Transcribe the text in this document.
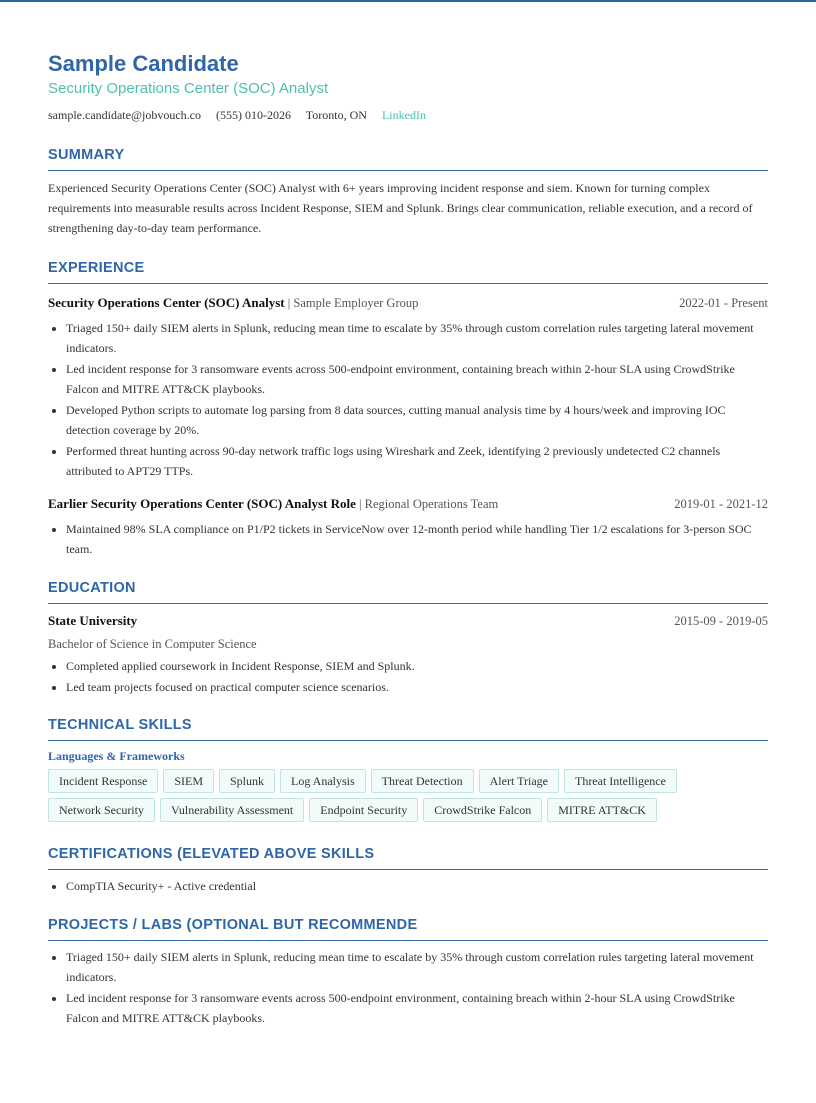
Sample Candidate
Security Operations Center (SOC) Analyst
sample.candidate@jobvouch.co (555) 010-2026 Toronto, ON LinkedIn
SUMMARY
Experienced Security Operations Center (SOC) Analyst with 6+ years improving incident response and siem. Known for turning complex requirements into measurable results across Incident Response, SIEM and Splunk. Brings clear communication, reliable execution, and a record of strengthening day-to-day team performance.
EXPERIENCE
Security Operations Center (SOC) Analyst | Sample Employer Group	2022-01 - Present
• Triaged 150+ daily SIEM alerts in Splunk, reducing mean time to escalate by 35% through custom correlation rules targeting lateral movement indicators.
• Led incident response for 3 ransomware events across 500-endpoint environment, containing breach within 2-hour SLA using CrowdStrike Falcon and MITRE ATT&CK playbooks.
• Developed Python scripts to automate log parsing from 8 data sources, cutting manual analysis time by 4 hours/week and improving IOC detection coverage by 20%.
• Performed threat hunting across 90-day network traffic logs using Wireshark and Zeek, identifying 2 previously undetected C2 channels attributed to APT29 TTPs.
Earlier Security Operations Center (SOC) Analyst Role | Regional Operations Team	2019-01 - 2021-12
• Maintained 98% SLA compliance on P1/P2 tickets in ServiceNow over 12-month period while handling Tier 1/2 escalations for 3-person SOC team.
EDUCATION
State University	2015-09 - 2019-05
Bachelor of Science in Computer Science
• Completed applied coursework in Incident Response, SIEM and Splunk.
• Led team projects focused on practical computer science scenarios.
TECHNICAL SKILLS
Languages & Frameworks
Incident Response	SIEM	Splunk	Log Analysis	Threat Detection	Alert Triage	Threat Intelligence
Network Security	Vulnerability Assessment	Endpoint Security	CrowdStrike Falcon	MITRE ATT&CK
CERTIFICATIONS (ELEVATED ABOVE SKILLS
• CompTIA Security+ - Active credential
PROJECTS / LABS (OPTIONAL BUT RECOMMENDE
• Triaged 150+ daily SIEM alerts in Splunk, reducing mean time to escalate by 35% through custom correlation rules targeting lateral movement indicators.
• Led incident response for 3 ransomware events across 500-endpoint environment, containing breach within 2-hour SLA using CrowdStrike Falcon and MITRE ATT&CK playbooks.
